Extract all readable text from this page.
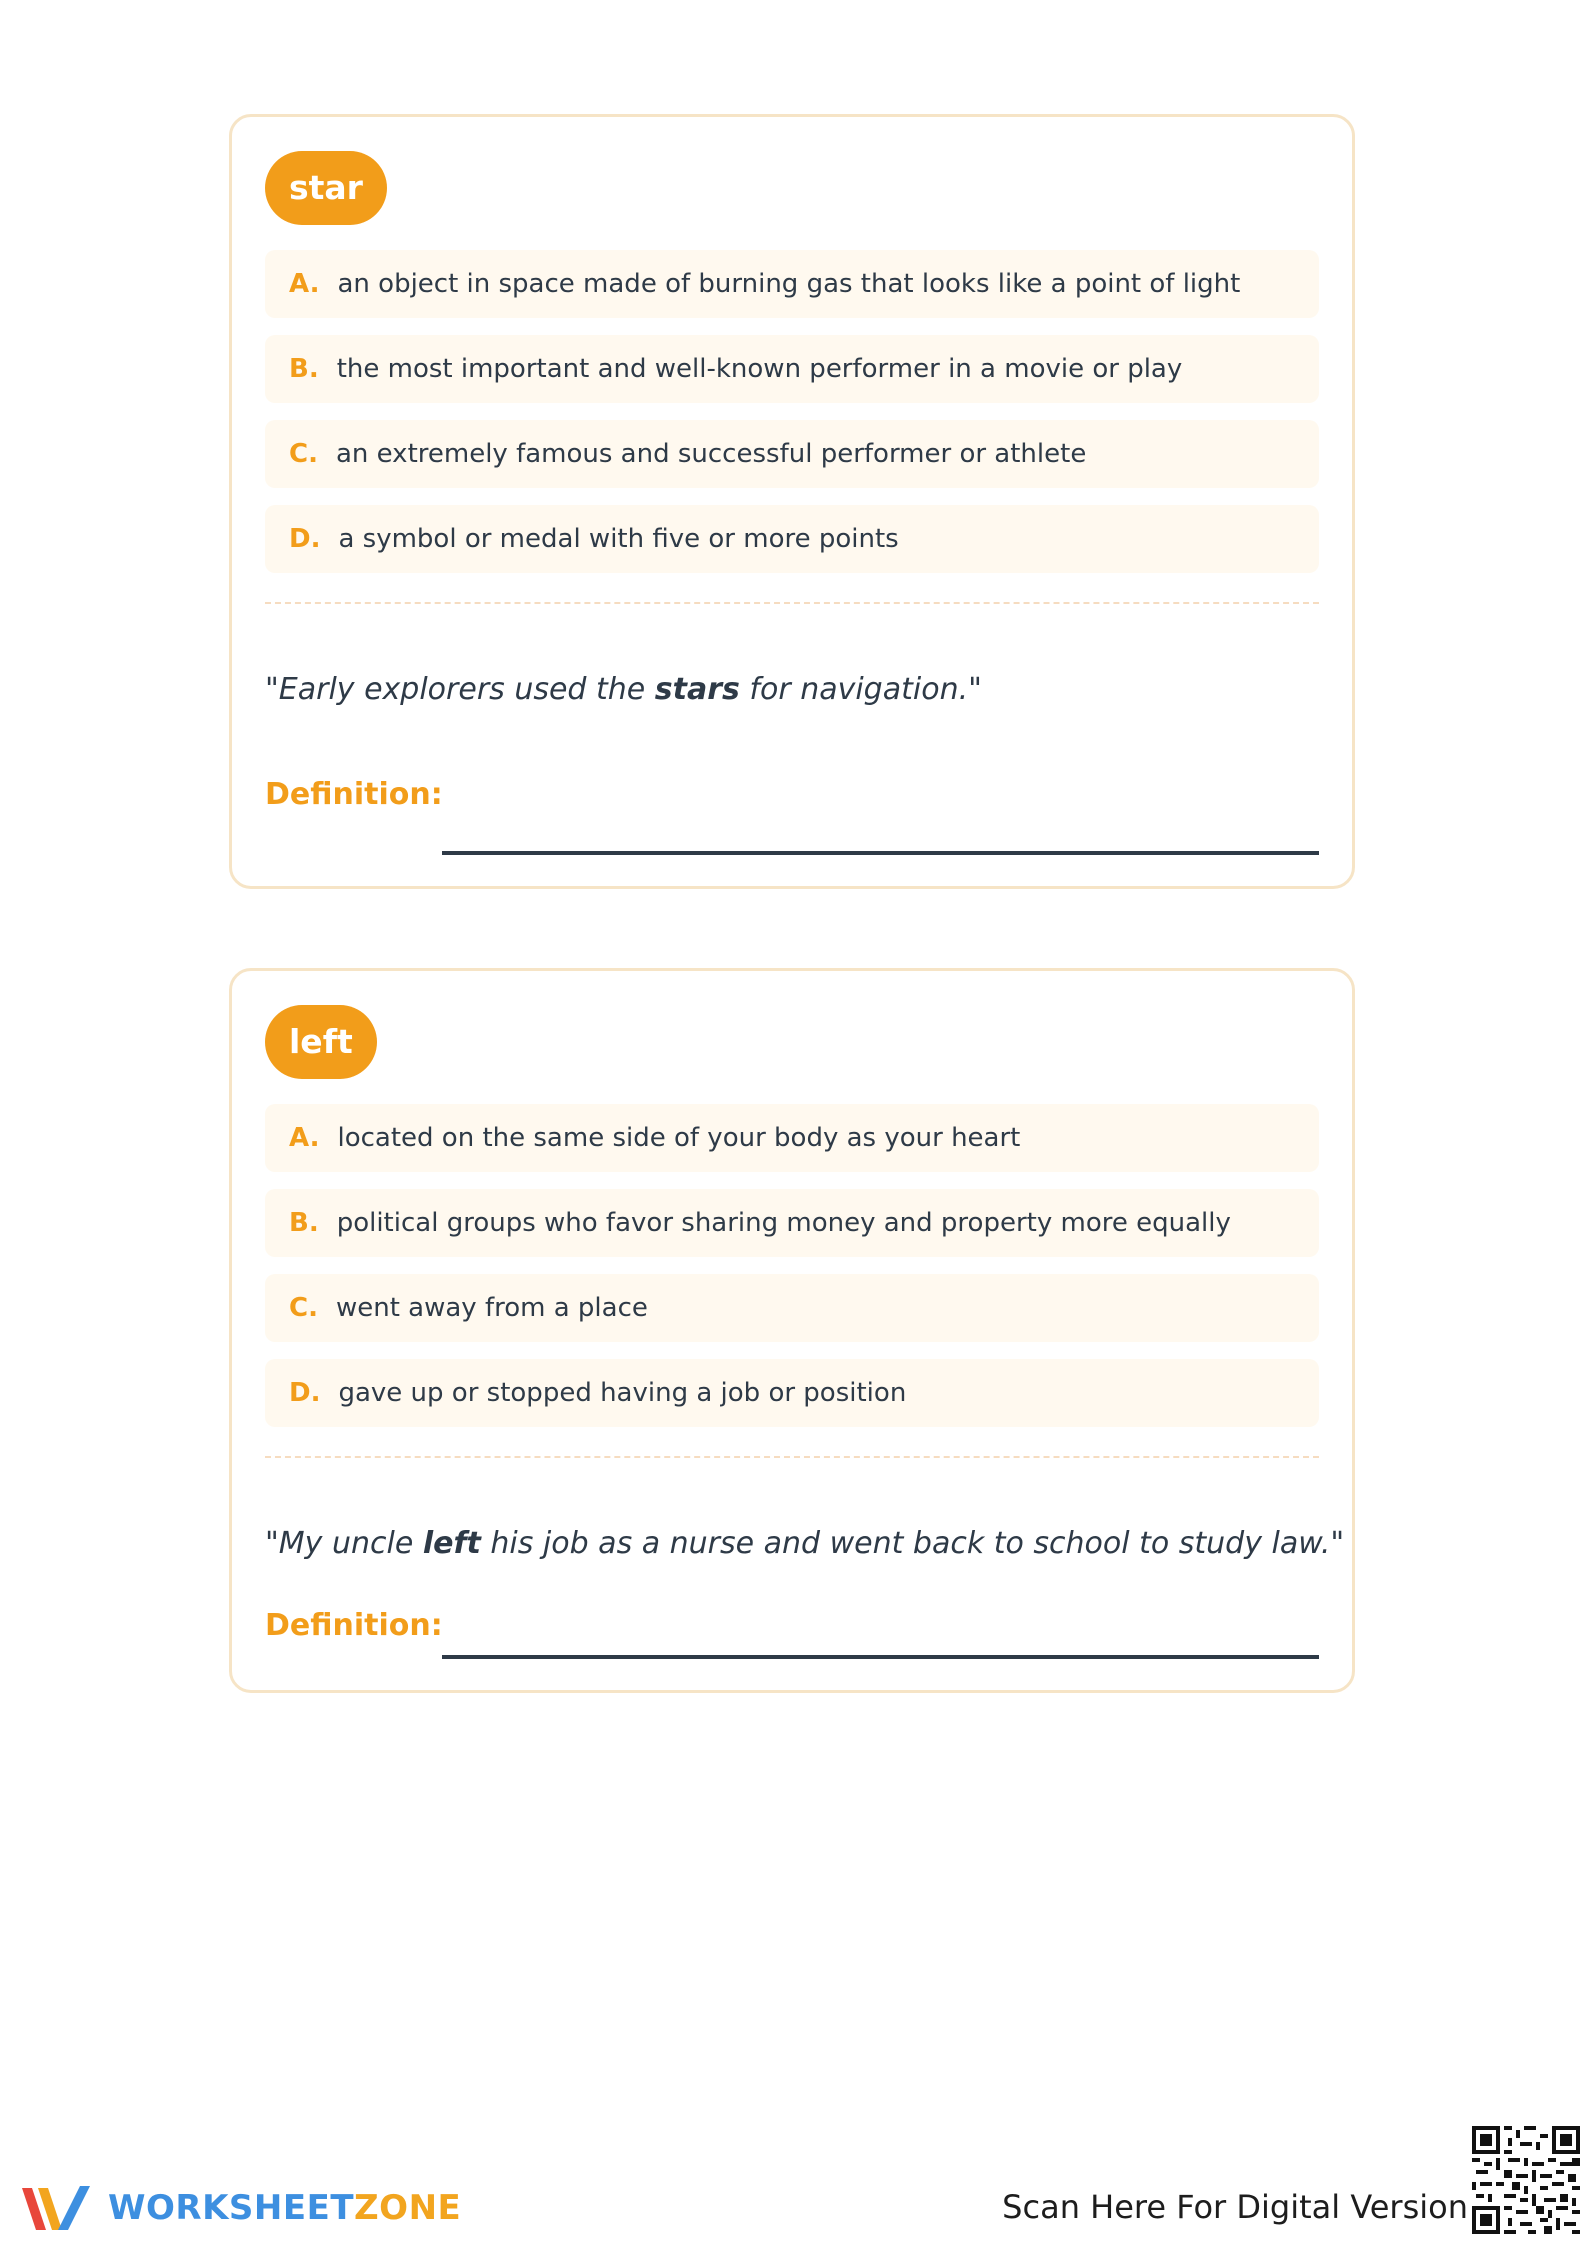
star
A. an object in space made of burning gas that looks like a point of light
B. the most important and well-known performer in a movie or play
C. an extremely famous and successful performer or athlete
D. a symbol or medal with five or more points
"Early explorers used the stars for navigation."
Definition:
left
A. located on the same side of your body as your heart
B. political groups who favor sharing money and property more equally
C. went away from a place
D. gave up or stopped having a job or position
"My uncle left his job as a nurse and went back to school to study law."
Definition:
WORKSHEETZONE	Scan Here For Digital Version
